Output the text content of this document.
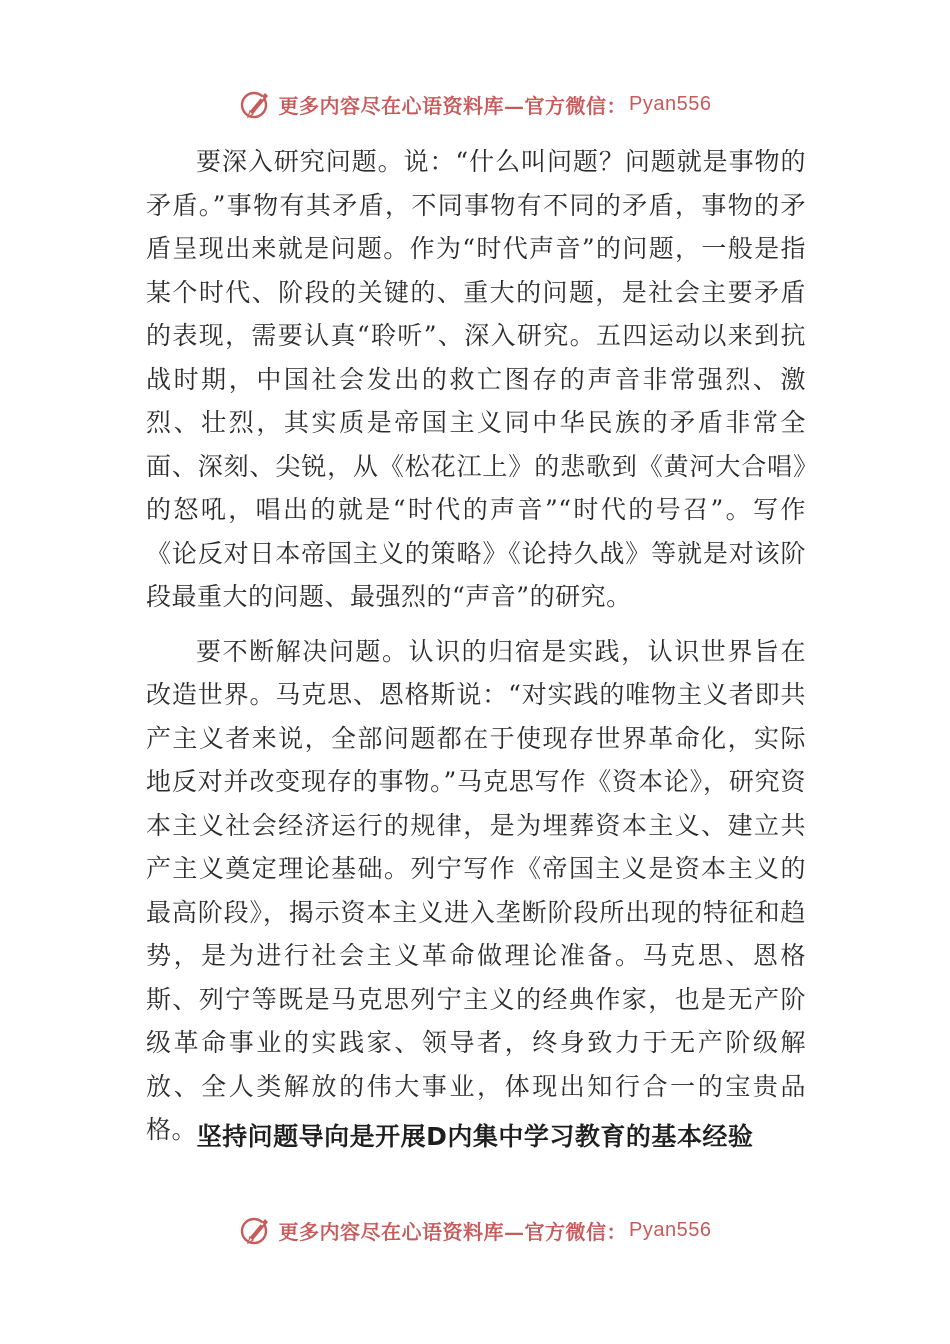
更多内容尽在心语资料库—官方微信： Pyan556

要深入研究问题。说：“什么叫问题？问题就是事物的矛盾。”事物有其矛盾，不同事物有不同的矛盾，事物的矛盾呈现出来就是问题。作为“时代声音”的问题，一般是指某个时代、阶段的关键的、重大的问题，是社会主要矛盾的表现，需要认真“聆听”、深入研究。五四运动以来到抗战时期，中国社会发出的救亡图存的声音非常强烈、激烈、壮烈，其实质是帝国主义同中华民族的矛盾非常全面、深刻、尖锐，从《松花江上》的悲歌到《黄河大合唱》的怒吼，唱出的就是“时代的声音”“时代的号召”。写作《论反对日本帝国主义的策略》《论持久战》等就是对该阶段最重大的问题、最强烈的“声音”的研究。

要不断解决问题。认识的归宿是实践，认识世界旨在改造世界。马克思、恩格斯说：“对实践的唯物主义者即共产主义者来说，全部问题都在于使现存世界革命化，实际地反对并改变现存的事物。”马克思写作《资本论》，研究资本主义社会经济运行的规律，是为埋葬资本主义、建立共产主义奠定理论基础。列宁写作《帝国主义是资本主义的最高阶段》，揭示资本主义进入垄断阶段所出现的特征和趋势，是为进行社会主义革命做理论准备。马克思、恩格斯、列宁等既是马克思列宁主义的经典作家，也是无产阶级革命事业的实践家、领导者，终身致力于无产阶级解放、全人类解放的伟大事业，体现出知行合一的宝贵品格。 坚持问题导向是开展D内集中学习教育的基本经验
更多内容尽在心语资料库—官方微信： Pyan556
